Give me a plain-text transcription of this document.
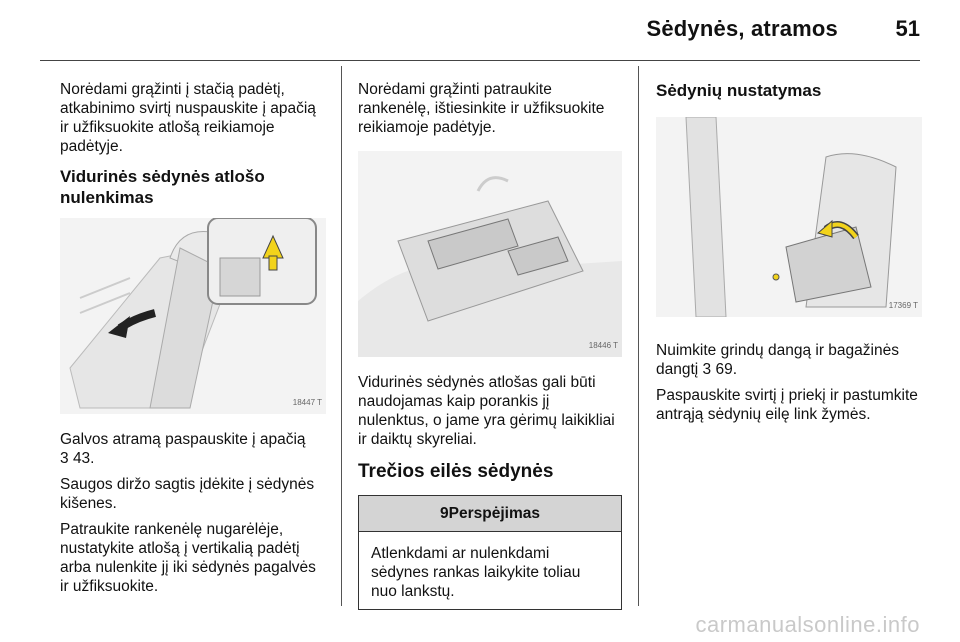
Sėdynės, atramos	51

Norėdami grąžinti į stačią padėtį, atkabinimo svirtį nuspauskite į apačią ir užfiksuokite atlošą reikiamoje padėtyje.

Vidurinės sėdynės atlošo nulenkimas
18447 T

Galvos atramą paspauskite į apačią
3 43.

Saugos diržo sagtis įdėkite į sėdynės kišenes.

Patraukite rankenėlę nugarėlėje, nustatykite atlošą į vertikalią padėtį arba nulenkite jį iki sėdynės pagalvės ir užfiksuokite.

Norėdami grąžinti patraukite rankenėlę, ištiesinkite ir užfiksuokite reikiamoje padėtyje.

18446 T

Vidurinės sėdynės atlošas gali būti naudojamas kaip porankis jį nulenktus, o jame yra gėrimų laikikliai ir daiktų skyreliai.

Trečios eilės sėdynės
9Perspėjimas
Atlenkdami ar nulenkdami sėdynes rankas laikykite toliau nuo lankstų.
Sėdynių nustatymas
17369 T

Nuimkite grindų dangą ir bagažinės dangtį 3 69.

Paspauskite svirtį į priekį ir pastumkite antrąją sėdynių eilę link žymės.

carmanualsonline.info
